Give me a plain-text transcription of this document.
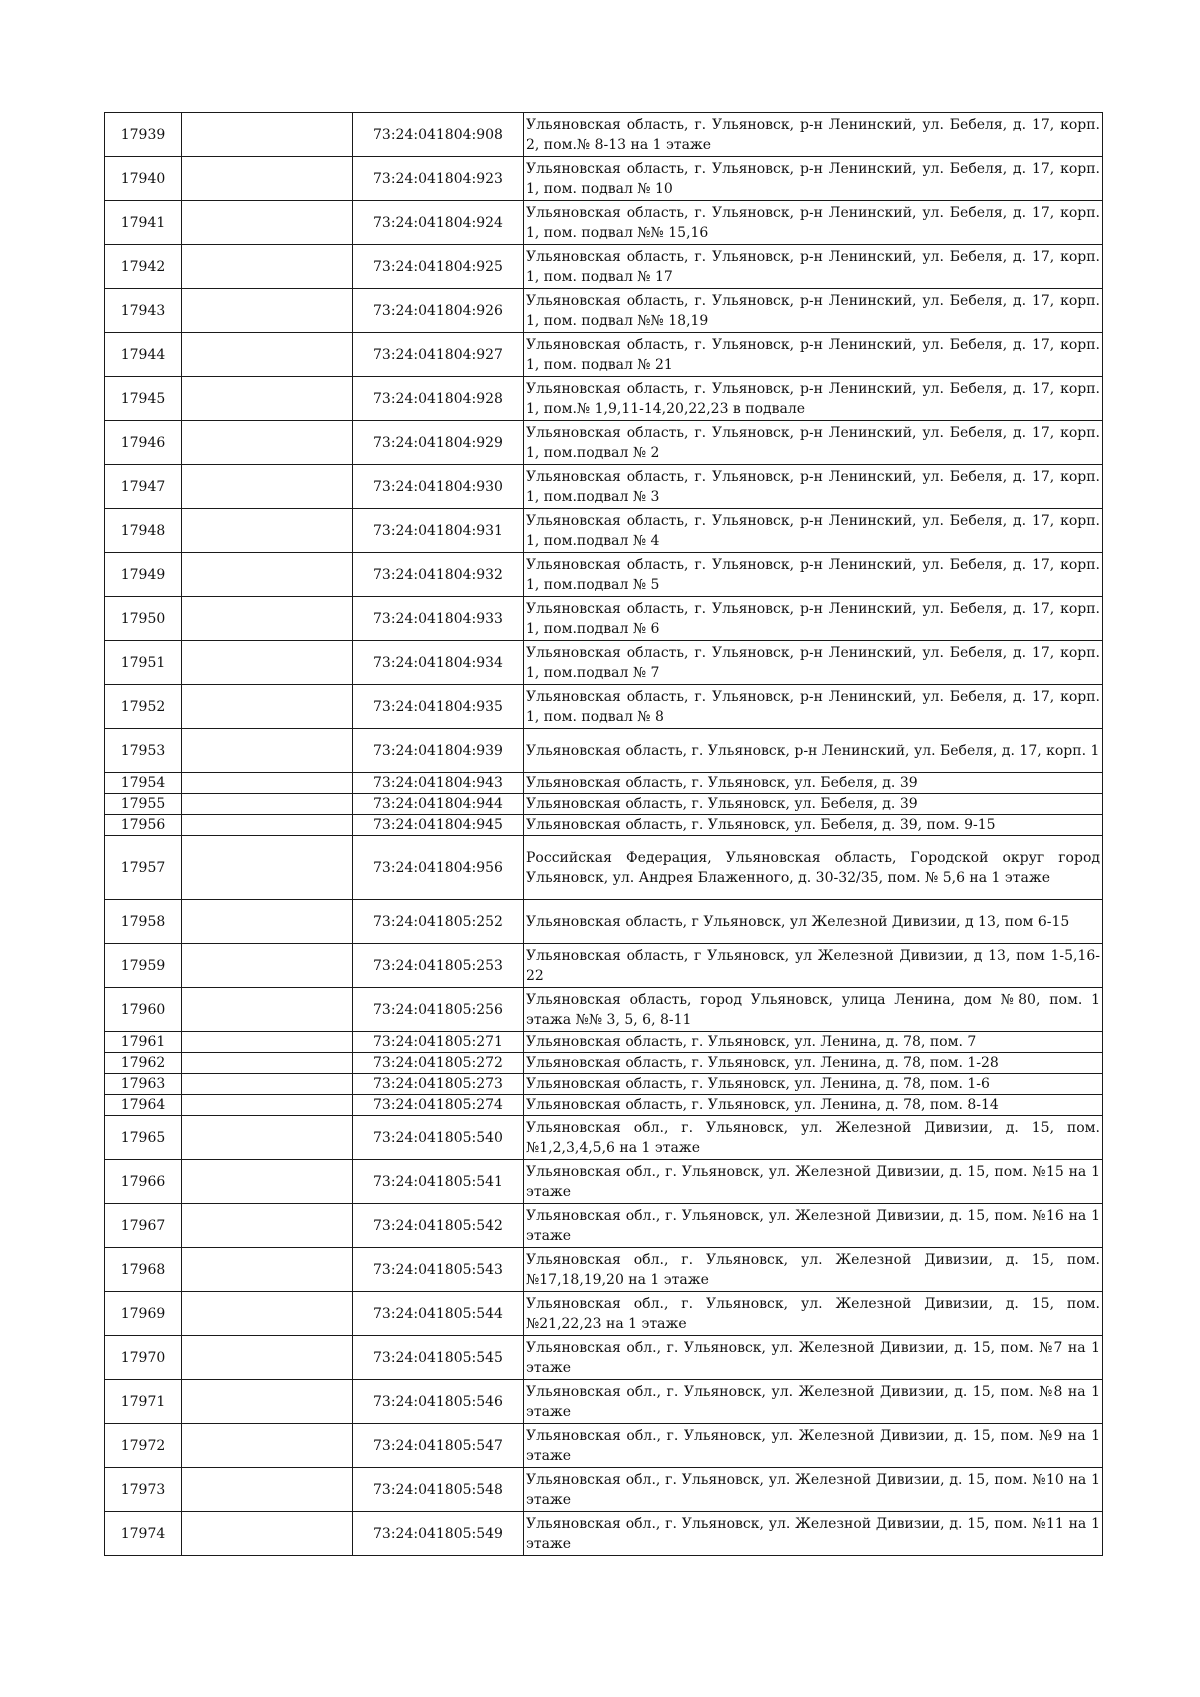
17939		73:24:041804:908	Ульяновская область, г. Ульяновск, р-н Ленинский, ул. Бебеля, д. 17, корп. 2, пом.№ 8-13 на 1 этаже
17940		73:24:041804:923	Ульяновская область, г. Ульяновск, р-н Ленинский, ул. Бебеля, д. 17, корп. 1, пом. подвал № 10
17941		73:24:041804:924	Ульяновская область, г. Ульяновск, р-н Ленинский, ул. Бебеля, д. 17, корп. 1, пом. подвал №№ 15,16
17942		73:24:041804:925	Ульяновская область, г. Ульяновск, р-н Ленинский, ул. Бебеля, д. 17, корп. 1, пом. подвал № 17
17943		73:24:041804:926	Ульяновская область, г. Ульяновск, р-н Ленинский, ул. Бебеля, д. 17, корп. 1, пом. подвал №№ 18,19
17944		73:24:041804:927	Ульяновская область, г. Ульяновск, р-н Ленинский, ул. Бебеля, д. 17, корп. 1, пом. подвал № 21
17945		73:24:041804:928	Ульяновская область, г. Ульяновск, р-н Ленинский, ул. Бебеля, д. 17, корп. 1, пом.№ 1,9,11-14,20,22,23 в подвале
17946		73:24:041804:929	Ульяновская область, г. Ульяновск, р-н Ленинский, ул. Бебеля, д. 17, корп. 1, пом.подвал № 2
17947		73:24:041804:930	Ульяновская область, г. Ульяновск, р-н Ленинский, ул. Бебеля, д. 17, корп. 1, пом.подвал № 3
17948		73:24:041804:931	Ульяновская область, г. Ульяновск, р-н Ленинский, ул. Бебеля, д. 17, корп. 1, пом.подвал № 4
17949		73:24:041804:932	Ульяновская область, г. Ульяновск, р-н Ленинский, ул. Бебеля, д. 17, корп. 1, пом.подвал № 5
17950		73:24:041804:933	Ульяновская область, г. Ульяновск, р-н Ленинский, ул. Бебеля, д. 17, корп. 1, пом.подвал № 6
17951		73:24:041804:934	Ульяновская область, г. Ульяновск, р-н Ленинский, ул. Бебеля, д. 17, корп. 1, пом.подвал № 7
17952		73:24:041804:935	Ульяновская область, г. Ульяновск, р-н Ленинский, ул. Бебеля, д. 17, корп. 1, пом. подвал № 8
17953		73:24:041804:939	Ульяновская область, г. Ульяновск, р-н Ленинский, ул. Бебеля, д. 17, корп. 1
17954		73:24:041804:943	Ульяновская область, г. Ульяновск, ул. Бебеля, д. 39
17955		73:24:041804:944	Ульяновская область, г. Ульяновск, ул. Бебеля, д. 39
17956		73:24:041804:945	Ульяновская область, г. Ульяновск, ул. Бебеля, д. 39, пом. 9-15
17957		73:24:041804:956	Российская Федерация, Ульяновская область, Городской округ город Ульяновск, ул. Андрея Блаженного, д. 30-32/35, пом. № 5,6 на 1 этаже
17958		73:24:041805:252	Ульяновская область, г Ульяновск, ул Железной Дивизии, д 13, пом 6-15
17959		73:24:041805:253	Ульяновская область, г Ульяновск, ул Железной Дивизии, д 13, пом 1-5,16-22
17960		73:24:041805:256	Ульяновская область, город Ульяновск, улица Ленина, дом №80, пом. 1 этажа №№ 3, 5, 6, 8-11
17961		73:24:041805:271	Ульяновская область, г. Ульяновск, ул. Ленина, д. 78, пом. 7
17962		73:24:041805:272	Ульяновская область, г. Ульяновск, ул. Ленина, д. 78, пом. 1-28
17963		73:24:041805:273	Ульяновская область, г. Ульяновск, ул. Ленина, д. 78, пом. 1-6
17964		73:24:041805:274	Ульяновская область, г. Ульяновск, ул. Ленина, д. 78, пом. 8-14
17965		73:24:041805:540	Ульяновская обл., г. Ульяновск, ул. Железной Дивизии, д. 15, пом. №1,2,3,4,5,6 на 1 этаже
17966		73:24:041805:541	Ульяновская обл., г. Ульяновск, ул. Железной Дивизии, д. 15, пом. №15 на 1 этаже
17967		73:24:041805:542	Ульяновская обл., г. Ульяновск, ул. Железной Дивизии, д. 15, пом. №16 на 1 этаже
17968		73:24:041805:543	Ульяновская обл., г. Ульяновск, ул. Железной Дивизии, д. 15, пом. №17,18,19,20 на 1 этаже
17969		73:24:041805:544	Ульяновская обл., г. Ульяновск, ул. Железной Дивизии, д. 15, пом. №21,22,23 на 1 этаже
17970		73:24:041805:545	Ульяновская обл., г. Ульяновск, ул. Железной Дивизии, д. 15, пом. №7 на 1 этаже
17971		73:24:041805:546	Ульяновская обл., г. Ульяновск, ул. Железной Дивизии, д. 15, пом. №8 на 1 этаже
17972		73:24:041805:547	Ульяновская обл., г. Ульяновск, ул. Железной Дивизии, д. 15, пом. №9 на 1 этаже
17973		73:24:041805:548	Ульяновская обл., г. Ульяновск, ул. Железной Дивизии, д. 15, пом. №10 на 1 этаже
17974		73:24:041805:549	Ульяновская обл., г. Ульяновск, ул. Железной Дивизии, д. 15, пом. №11 на 1 этаже
